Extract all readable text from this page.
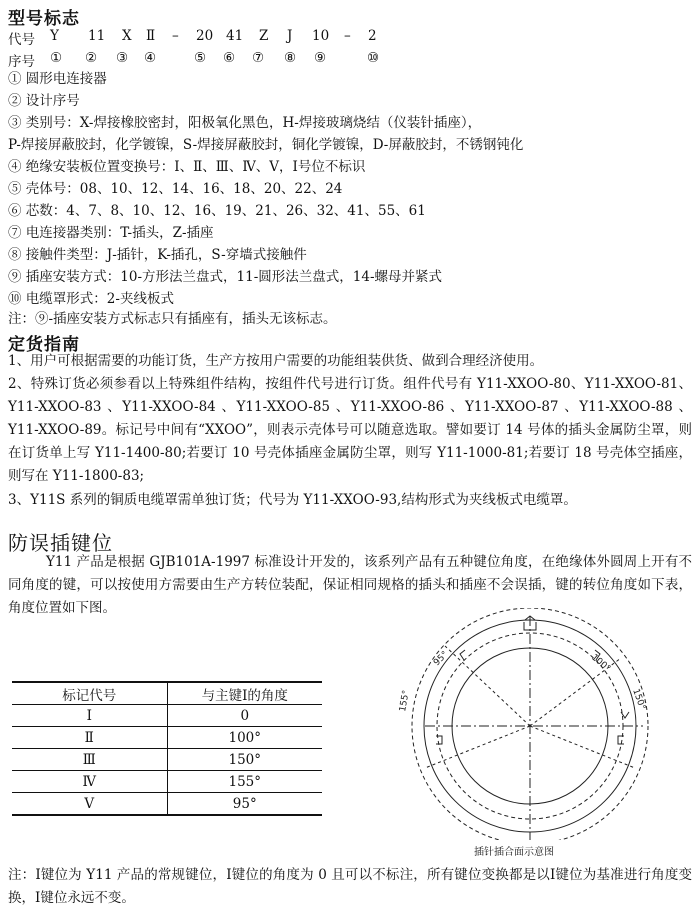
型号标志
代号 Y 11 X Ⅱ – 20 41 Z J 10 – 2
序号 ① ② ③ ④	⑤ ⑥ ⑦ ⑧ ⑨	⑩
① 圆形电连接器
② 设计序号
③ 类别号：X-焊接橡胶密封，阳极氧化黑色，H-焊接玻璃烧结（仪装针插座），
P-焊接屏蔽胶封，化学镀镍，S-焊接屏蔽胶封，铜化学镀镍，D-屏蔽胶封，不锈钢钝化
④ 绝缘安装板位置变换号：Ⅰ、Ⅱ、Ⅲ、Ⅳ、Ⅴ，Ⅰ号位不标识
⑤ 壳体号：08、10、12、14、16、18、20、22、24
⑥ 芯数：4、7、8、10、12、16、19、21、26、32、41、55、61
⑦ 电连接器类别：T-插头，Z-插座
⑧ 接触件类型：J-插针，K-插孔，S-穿墙式接触件
⑨ 插座安装方式：10-方形法兰盘式，11-圆形法兰盘式，14-螺母并紧式
⑩ 电缆罩形式：2-夹线板式
注：⑨-插座安装方式标志只有插座有，插头无该标志。
定货指南
1、用户可根据需要的功能订货，生产方按用户需要的功能组装供货、做到合理经济使用。
2、特殊订货必须参看以上特殊组件结构，按组件代号进行订货。组件代号有 Y11-XXOO-80、Y11-XXOO-81、Y11-XXOO-83 、Y11-XXOO-84 、Y11-XXOO-85 、Y11-XXOO-86 、Y11-XXOO-87 、Y11-XXOO-88 、Y11-XXOO-89。标记号中间有“XXOO”，则表示壳体号可以随意选取。譬如要订 14 号体的插头金属防尘罩，则在订货单上写 Y11-1400-80;若要订 10 号壳体插座金属防尘罩，则写 Y11-1000-81;若要订 18 号壳体空插座，则写在 Y11-1800-83;
3、Y11S 系列的铜质电缆罩需单独订货；代号为 Y11-XXOO-93,结构形式为夹线板式电缆罩。
防误插键位
Y11 产品是根据 GJB101A-1997 标准设计开发的，该系列产品有五种键位角度，在绝缘体外圆周上开有不同角度的键，可以按使用方需要由生产方转位装配，保证相同规格的插头和插座不会误插，键的转位角度如下表，角度位置如下图。
标记代号	与主键Ⅰ的角度
Ⅰ	0
Ⅱ	100°
Ⅲ	150°
Ⅳ	155°
Ⅴ	95°
95°	100°
150°
155°
插针插合面示意图
注：Ⅰ键位为 Y11 产品的常规键位，Ⅰ键位的角度为 0 且可以不标注，所有键位变换都是以Ⅰ键位为基准进行角度变换，Ⅰ键位永远不变。
